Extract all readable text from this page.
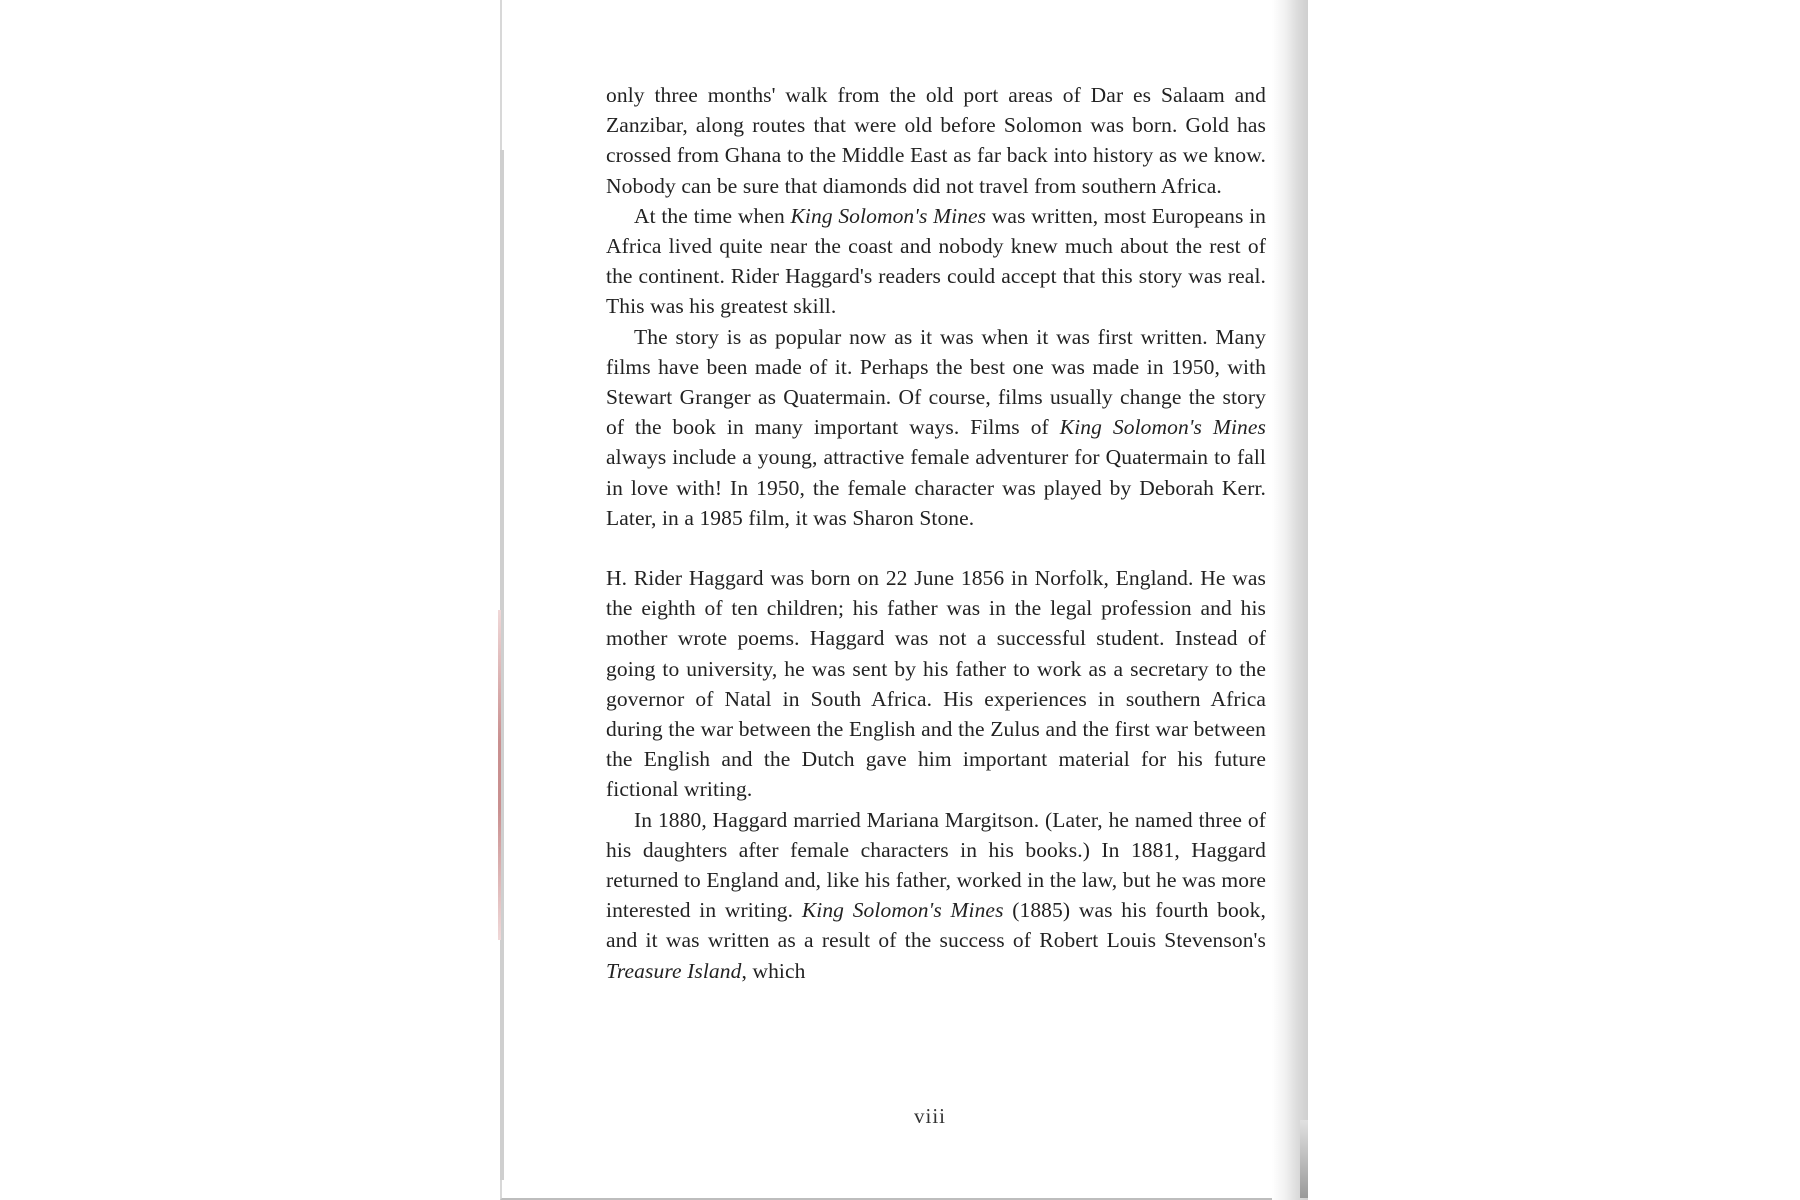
only three months' walk from the old port areas of Dar es Salaam and Zanzibar, along routes that were old before Solomon was born. Gold has crossed from Ghana to the Middle East as far back into history as we know. Nobody can be sure that diamonds did not travel from southern Africa.

At the time when King Solomon's Mines was written, most Europeans in Africa lived quite near the coast and nobody knew much about the rest of the continent. Rider Haggard's readers could accept that this story was real. This was his greatest skill.

The story is as popular now as it was when it was first written. Many films have been made of it. Perhaps the best one was made in 1950, with Stewart Granger as Quatermain. Of course, films usually change the story of the book in many important ways. Films of King Solomon's Mines always include a young, attractive female adventurer for Quatermain to fall in love with! In 1950, the female character was played by Deborah Kerr. Later, in a 1985 film, it was Sharon Stone.

H. Rider Haggard was born on 22 June 1856 in Norfolk, England. He was the eighth of ten children; his father was in the legal profession and his mother wrote poems. Haggard was not a successful student. Instead of going to university, he was sent by his father to work as a secretary to the governor of Natal in South Africa. His experiences in southern Africa during the war between the English and the Zulus and the first war between the English and the Dutch gave him important material for his future fictional writing.

In 1880, Haggard married Mariana Margitson. (Later, he named three of his daughters after female characters in his books.) In 1881, Haggard returned to England and, like his father, worked in the law, but he was more interested in writing. King Solomon's Mines (1885) was his fourth book, and it was written as a result of the success of Robert Louis Stevenson's Treasure Island, which

viii
